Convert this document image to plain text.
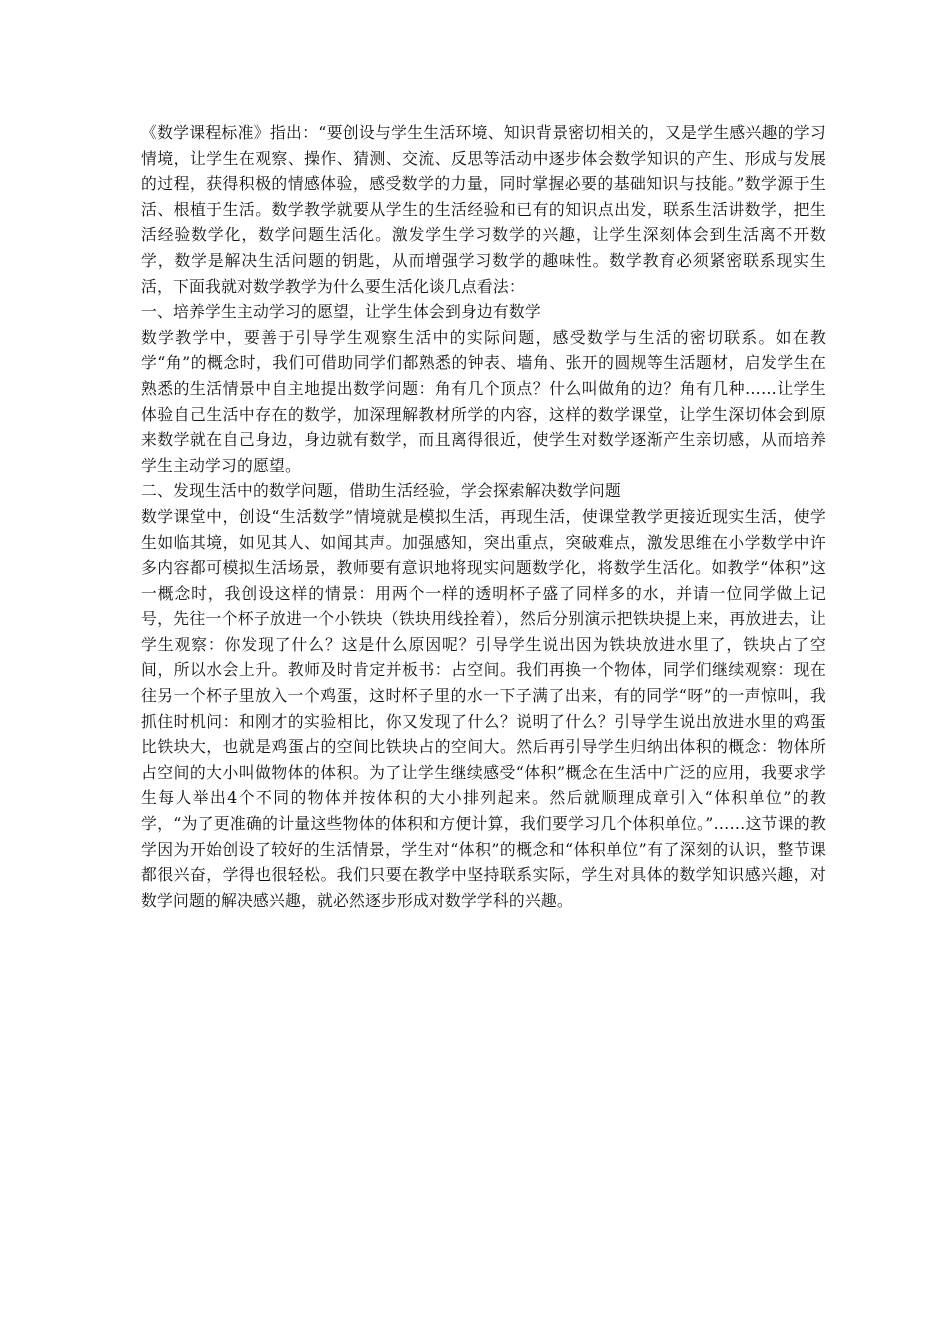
《数学课程标准》指出：“要创设与学生生活环境、知识背景密切相关的，又是学生感兴趣的学习情境，让学生在观察、操作、猜测、交流、反思等活动中逐步体会数学知识的产生、形成与发展的过程，获得积极的情感体验，感受数学的力量，同时掌握必要的基础知识与技能。”数学源于生活、根植于生活。数学教学就要从学生的生活经验和已有的知识点出发，联系生活讲数学，把生活经验数学化，数学问题生活化。激发学生学习数学的兴趣，让学生深刻体会到生活离不开数学，数学是解决生活问题的钥匙，从而增强学习数学的趣味性。数学教育必须紧密联系现实生活，下面我就对数学教学为什么要生活化谈几点看法：

一、培养学生主动学习的愿望，让学生体会到身边有数学

数学教学中，要善于引导学生观察生活中的实际问题，感受数学与生活的密切联系。如在教学“角”的概念时，我们可借助同学们都熟悉的钟表、墙角、张开的圆规等生活题材，启发学生在熟悉的生活情景中自主地提出数学问题：角有几个顶点？什么叫做角的边？角有几种……让学生体验自己生活中存在的数学，加深理解教材所学的内容，这样的数学课堂，让学生深切体会到原来数学就在自己身边，身边就有数学，而且离得很近，使学生对数学逐渐产生亲切感，从而培养学生主动学习的愿望。

二、发现生活中的数学问题，借助生活经验，学会探索解决数学问题

数学课堂中，创设“生活数学”情境就是模拟生活，再现生活，使课堂教学更接近现实生活，使学生如临其境，如见其人、如闻其声。加强感知，突出重点，突破难点，激发思维在小学数学中许多内容都可模拟生活场景，教师要有意识地将现实问题数学化，将数学生活化。如教学“体积”这一概念时，我创设这样的情景：用两个一样的透明杯子盛了同样多的水，并请一位同学做上记号，先往一个杯子放进一个小铁块（铁块用线拴着），然后分别演示把铁块提上来，再放进去，让学生观察：你发现了什么？这是什么原因呢？引导学生说出因为铁块放进水里了，铁块占了空间，所以水会上升。教师及时肯定并板书：占空间。我们再换一个物体，同学们继续观察：现在往另一个杯子里放入一个鸡蛋，这时杯子里的水一下子满了出来，有的同学“呀”的一声惊叫，我抓住时机问：和刚才的实验相比，你又发现了什么？说明了什么？引导学生说出放进水里的鸡蛋比铁块大，也就是鸡蛋占的空间比铁块占的空间大。然后再引导学生归纳出体积的概念：物体所占空间的大小叫做物体的体积。为了让学生继续感受“体积”概念在生活中广泛的应用，我要求学生每人举出4个不同的物体并按体积的大小排列起来。然后就顺理成章引入“体积单位”的教学，“为了更准确的计量这些物体的体积和方便计算，我们要学习几个体积单位。”……这节课的教学因为开始创设了较好的生活情景，学生对“体积”的概念和“体积单位”有了深刻的认识，整节课都很兴奋，学得也很轻松。我们只要在教学中坚持联系实际，学生对具体的数学知识感兴趣，对数学问题的解决感兴趣，就必然逐步形成对数学学科的兴趣。
